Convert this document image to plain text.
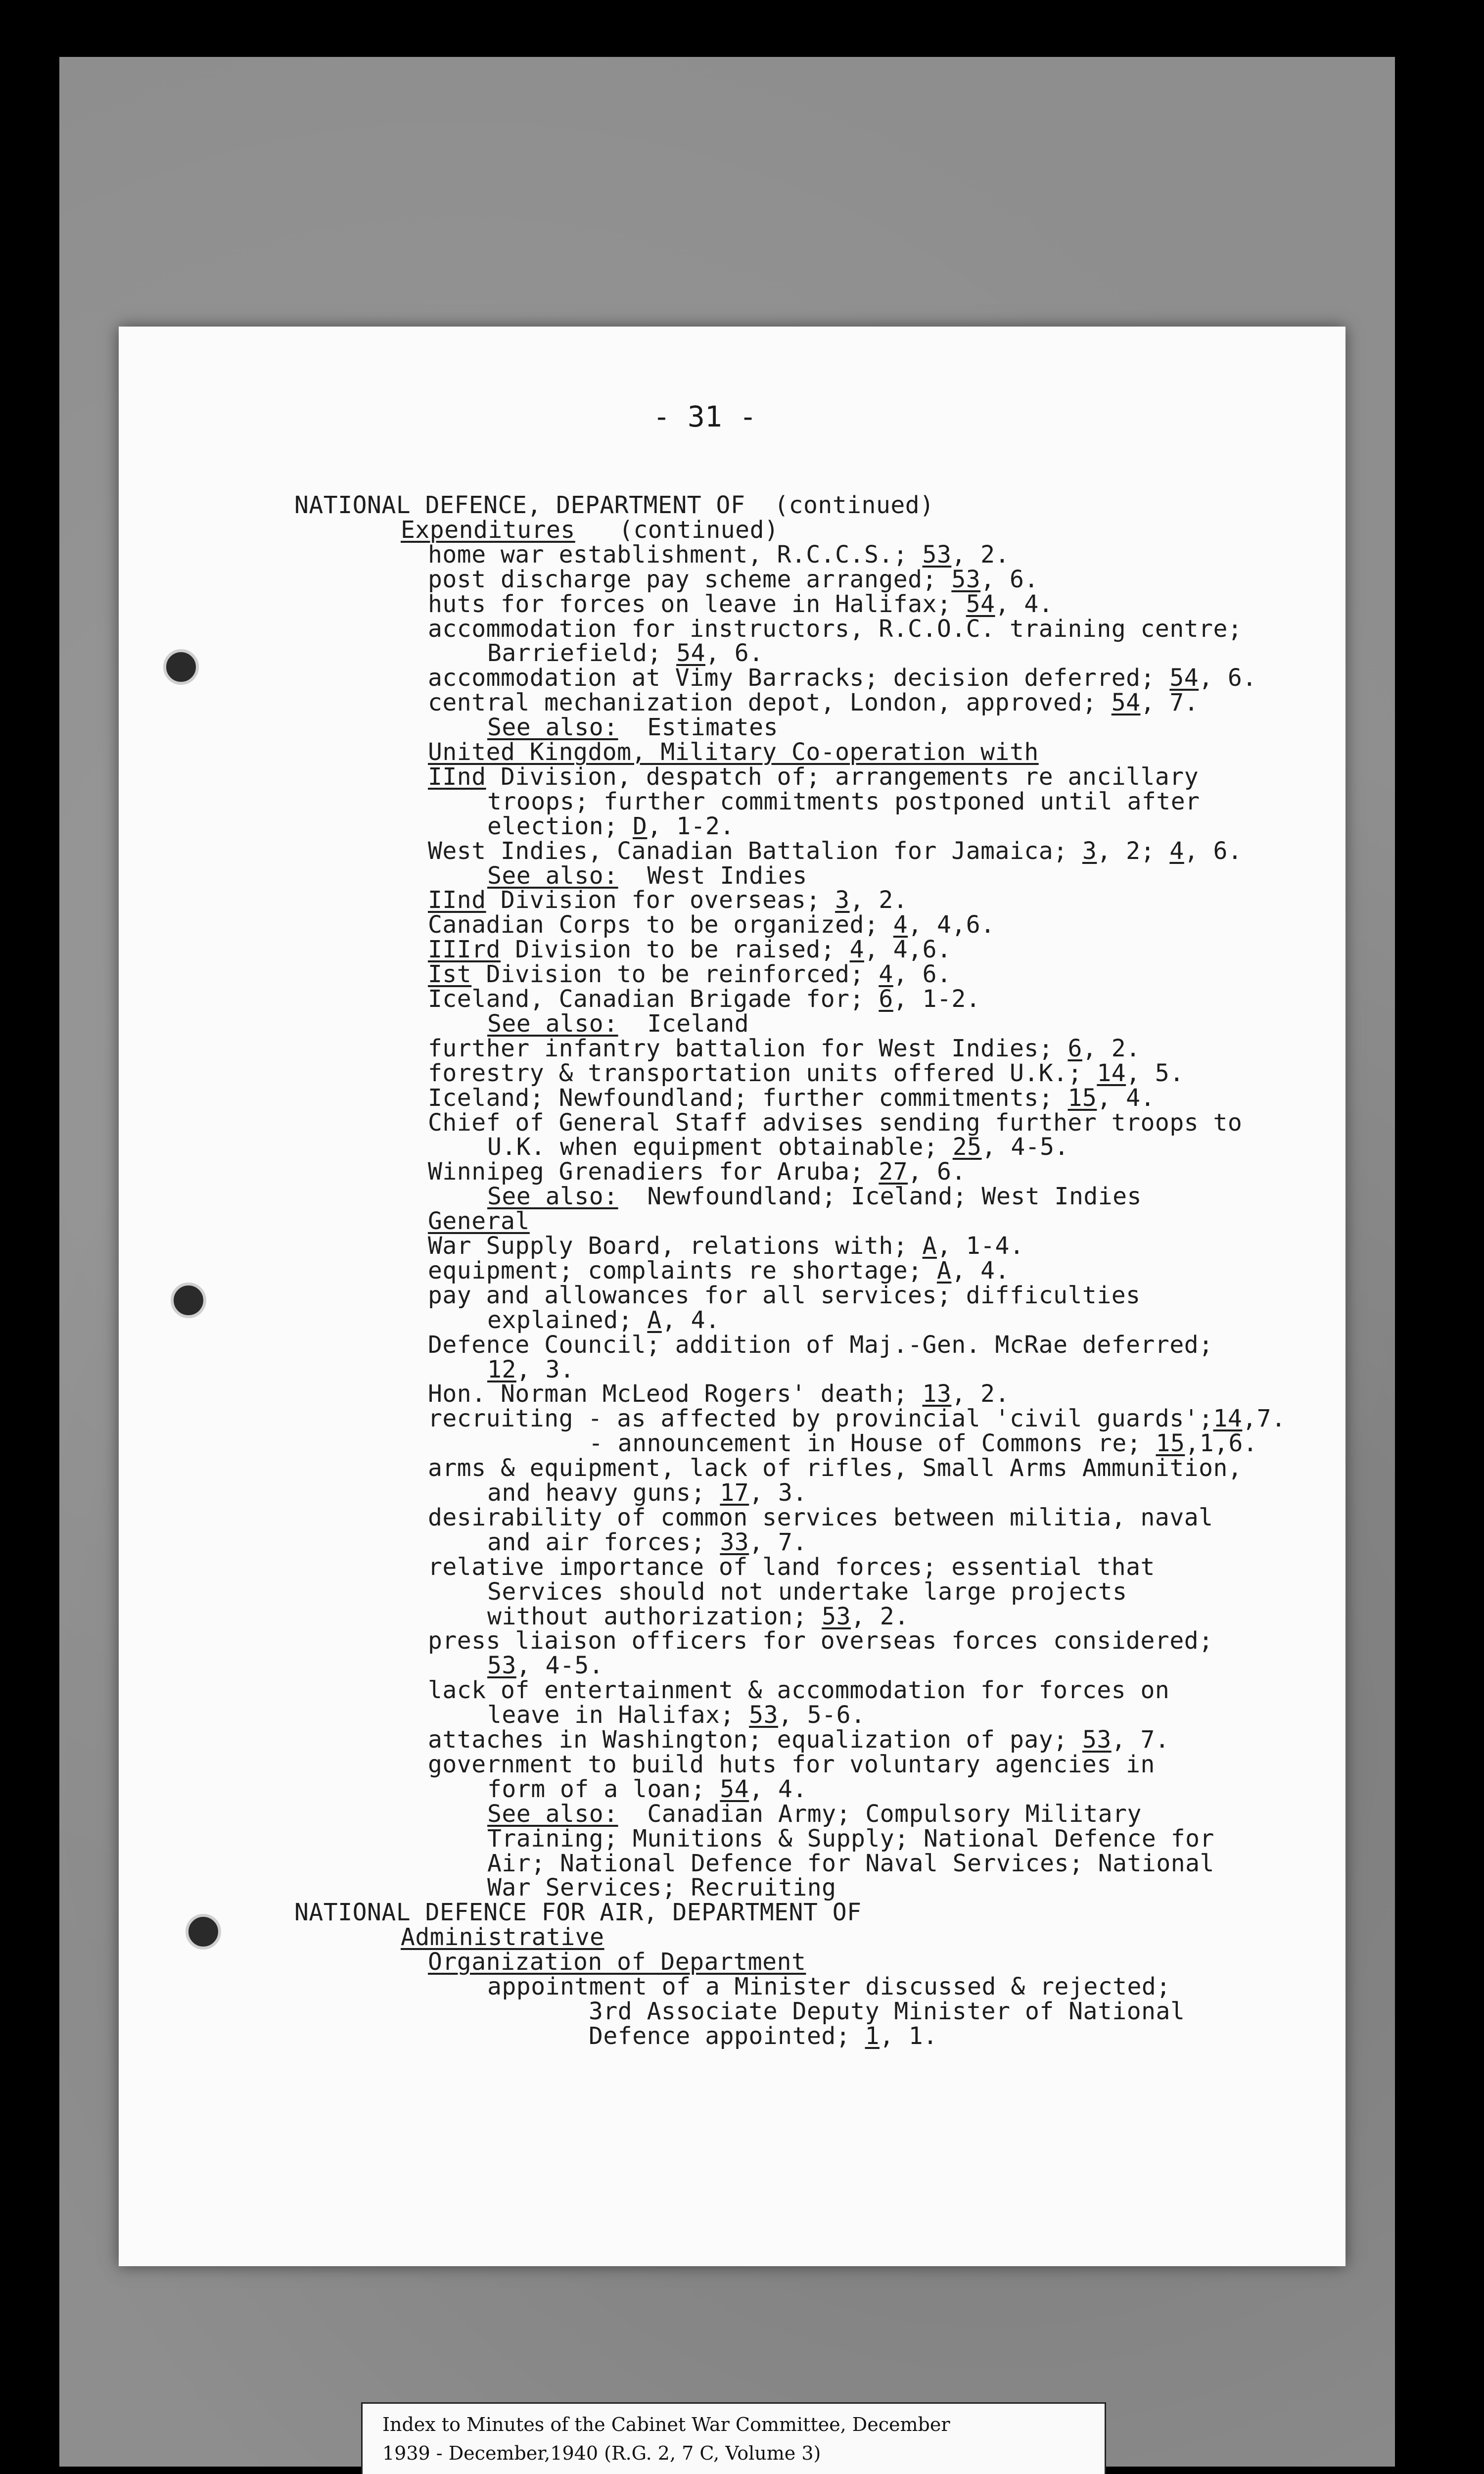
- 31 -
NATIONAL DEFENCE, DEPARTMENT OF  (continued)
Expenditures   (continued)
home war establishment, R.C.C.S.; 53, 2.
post discharge pay scheme arranged; 53, 6.
huts for forces on leave in Halifax; 54, 4.
accommodation for instructors, R.C.O.C. training centre;
Barriefield; 54, 6.
accommodation at Vimy Barracks; decision deferred; 54, 6.
central mechanization depot, London, approved; 54, 7.
See also:  Estimates
United Kingdom, Military Co-operation with
IInd Division, despatch of; arrangements re ancillary
troops; further commitments postponed until after
election; D, 1-2.
West Indies, Canadian Battalion for Jamaica; 3, 2; 4, 6.
See also:  West Indies
IInd Division for overseas; 3, 2.
Canadian Corps to be organized; 4, 4,6.
IIIrd Division to be raised; 4, 4,6.
Ist Division to be reinforced; 4, 6.
Iceland, Canadian Brigade for; 6, 1-2.
See also:  Iceland
further infantry battalion for West Indies; 6, 2.
forestry & transportation units offered U.K.; 14, 5.
Iceland; Newfoundland; further commitments; 15, 4.
Chief of General Staff advises sending further troops to
U.K. when equipment obtainable; 25, 4-5.
Winnipeg Grenadiers for Aruba; 27, 6.
See also:  Newfoundland; Iceland; West Indies
General
War Supply Board, relations with; A, 1-4.
equipment; complaints re shortage; A, 4.
pay and allowances for all services; difficulties
explained; A, 4.
Defence Council; addition of Maj.-Gen. McRae deferred;
12, 3.
Hon. Norman McLeod Rogers' death; 13, 2.
recruiting - as affected by provincial 'civil guards';14,7.
- announcement in House of Commons re; 15,1,6.
arms & equipment, lack of rifles, Small Arms Ammunition,
and heavy guns; 17, 3.
desirability of common services between militia, naval
and air forces; 33, 7.
relative importance of land forces; essential that
Services should not undertake large projects
without authorization; 53, 2.
press liaison officers for overseas forces considered;
53, 4-5.
lack of entertainment & accommodation for forces on
leave in Halifax; 53, 5-6.
attaches in Washington; equalization of pay; 53, 7.
government to build huts for voluntary agencies in
form of a loan; 54, 4.
See also:  Canadian Army; Compulsory Military
Training; Munitions & Supply; National Defence for
Air; National Defence for Naval Services; National
War Services; Recruiting
NATIONAL DEFENCE FOR AIR, DEPARTMENT OF
Administrative
Organization of Department
appointment of a Minister discussed & rejected;
3rd Associate Deputy Minister of National
Defence appointed; 1, 1.
Index to Minutes of the Cabinet War Committee, December
1939 - December,1940 (R.G. 2, 7 C, Volume 3)
